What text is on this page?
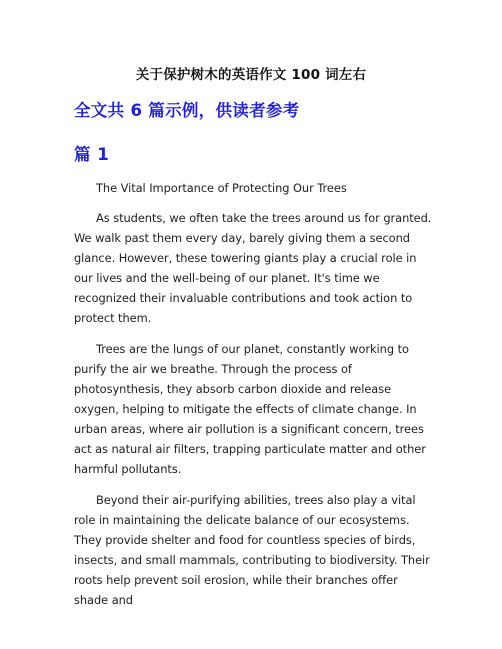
关于保护树木的英语作文 100 词左右
全文共 6 篇示例，供读者参考
篇 1

The Vital Importance of Protecting Our Trees

As students, we often take the trees around us for granted. We walk past them every day, barely giving them a second glance. However, these towering giants play a crucial role in our lives and the well-being of our planet. It's time we recognized their invaluable contributions and took action to protect them.

Trees are the lungs of our planet, constantly working to purify the air we breathe. Through the process of photosynthesis, they absorb carbon dioxide and release oxygen, helping to mitigate the effects of climate change. In urban areas, where air pollution is a significant concern, trees act as natural air filters, trapping particulate matter and other harmful pollutants.

Beyond their air-purifying abilities, trees also play a vital role in maintaining the delicate balance of our ecosystems. They provide shelter and food for countless species of birds, insects, and small mammals, contributing to biodiversity. Their roots help prevent soil erosion, while their branches offer shade and
